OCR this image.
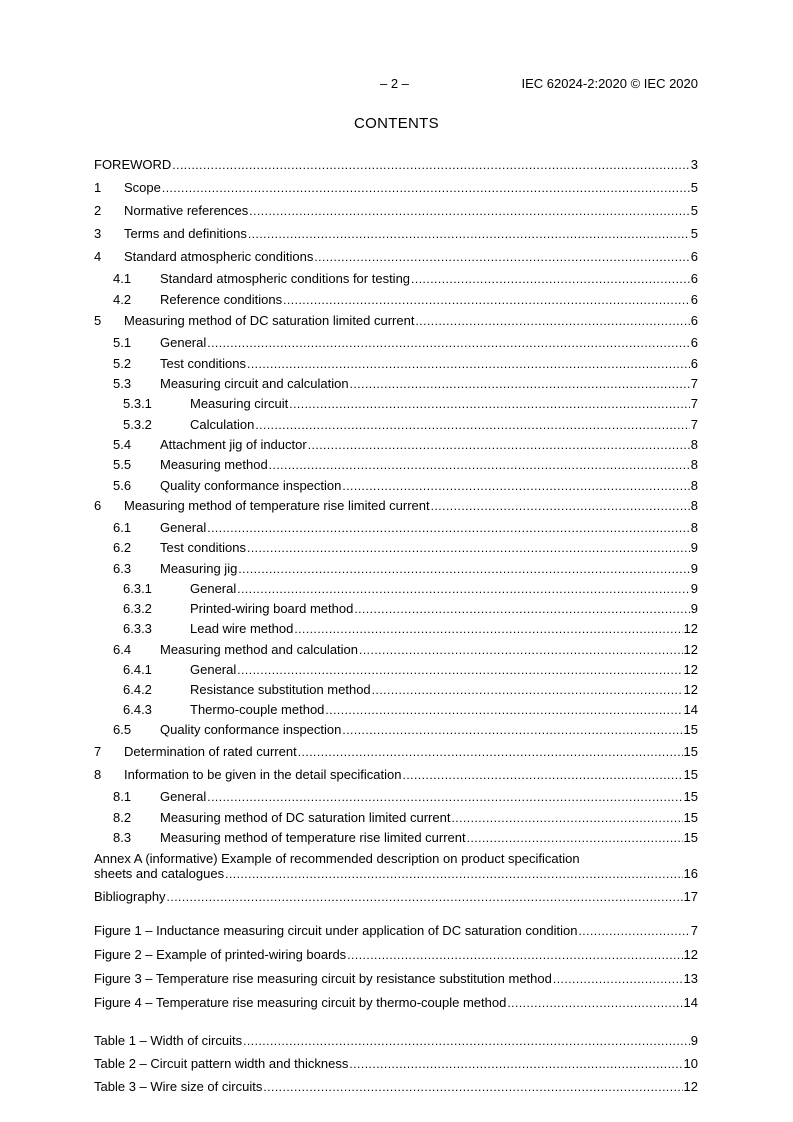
– 2 –	IEC 62024-2:2020 © IEC 2020
CONTENTS
FOREWORD .....	3
1	Scope .....	5
2	Normative references .....	5
3	Terms and definitions .....	5
4	Standard atmospheric conditions .....	6
4.1	Standard atmospheric conditions for testing .....	6
4.2	Reference conditions .....	6
5	Measuring method of DC saturation limited current .....	6
5.1	General .....	6
5.2	Test conditions .....	6
5.3	Measuring circuit and calculation .....	7
5.3.1	Measuring circuit .....	7
5.3.2	Calculation .....	7
5.4	Attachment jig of inductor .....	8
5.5	Measuring method .....	8
5.6	Quality conformance inspection .....	8
6	Measuring method of temperature rise limited current .....	8
6.1	General .....	8
6.2	Test conditions .....	9
6.3	Measuring jig .....	9
6.3.1	General .....	9
6.3.2	Printed-wiring board method .....	9
6.3.3	Lead wire method .....	12
6.4	Measuring method and calculation .....	12
6.4.1	General .....	12
6.4.2	Resistance substitution method .....	12
6.4.3	Thermo-couple method .....	14
6.5	Quality conformance inspection .....	15
7	Determination of rated current .....	15
8	Information to be given in the detail specification .....	15
8.1	General .....	15
8.2	Measuring method of DC saturation limited current .....	15
8.3	Measuring method of temperature rise limited current .....	15
Annex A (informative) Example of recommended description on product specification
sheets and catalogues .....	16
Bibliography .....	17
Figure 1 – Inductance measuring circuit under application of DC saturation condition .....	7
Figure 2 – Example of printed-wiring boards .....	12
Figure 3 – Temperature rise measuring circuit by resistance substitution method .....	13
Figure 4 – Temperature rise measuring circuit by thermo-couple method .....	14
Table 1 – Width of circuits .....	9
Table 2 – Circuit pattern width and thickness .....	10
Table 3 – Wire size of circuits .....	12
